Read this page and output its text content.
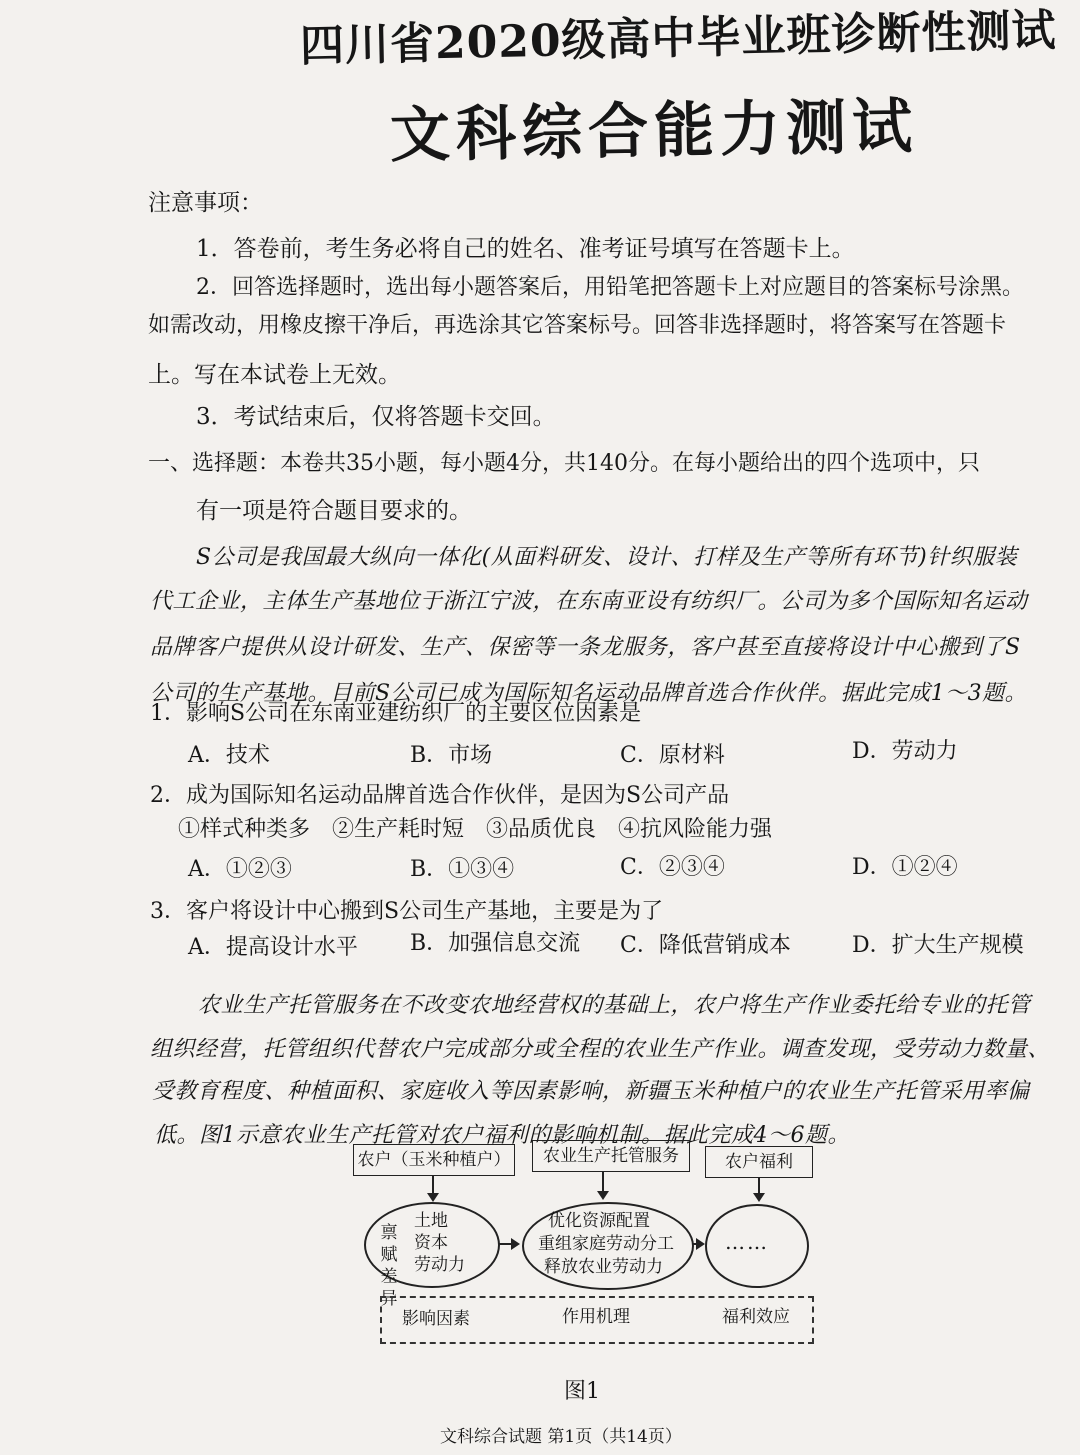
四川省2020级高中毕业班诊断性测试
文科综合能力测试
注意事项：
1．答卷前，考生务必将自己的姓名、准考证号填写在答题卡上。
2．回答选择题时，选出每小题答案后，用铅笔把答题卡上对应题目的答案标号涂黑。
如需改动，用橡皮擦干净后，再选涂其它答案标号。回答非选择题时，将答案写在答题卡
上。写在本试卷上无效。
3．考试结束后，仅将答题卡交回。
一、选择题：本卷共35小题，每小题4分，共140分。在每小题给出的四个选项中，只
有一项是符合题目要求的。
S公司是我国最大纵向一体化(从面料研发、设计、打样及生产等所有环节)针织服装
代工企业，主体生产基地位于浙江宁波，在东南亚设有纺织厂。公司为多个国际知名运动
品牌客户提供从设计研发、生产、保密等一条龙服务，客户甚至直接将设计中心搬到了S
公司的生产基地。目前S公司已成为国际知名运动品牌首选合作伙伴。据此完成1～3题。
1．影响S公司在东南亚建纺织厂的主要区位因素是
A．技术	B．市场	C．原材料	D．劳动力
2．成为国际知名运动品牌首选合作伙伴，是因为S公司产品
①样式种类多　②生产耗时短　③品质优良　④抗风险能力强
A．①②③	B．①③④	C．②③④	D．①②④
3．客户将设计中心搬到S公司生产基地，主要是为了
A．提高设计水平 B．加强信息交流 C．降低营销成本	D．扩大生产规模
农业生产托管服务在不改变农地经营权的基础上，农户将生产作业委托给专业的托管
组织经营，托管组织代替农户完成部分或全程的农业生产作业。调查发现，受劳动力数量、
受教育程度、种植面积、家庭收入等因素影响，新疆玉米种植户的农业生产托管采用率偏
低。图1示意农业生产托管对农户福利的影响机制。据此完成4～6题。
农户（玉米种植户）	农业生产托管服务	农户福利
禀赋差异
土地
资本
劳动力
优化资源配置
重组家庭劳动分工
释放农业劳动力
……
影响因素	作用机理	福利效应
图1
文科综合试题 第1页（共14页）
